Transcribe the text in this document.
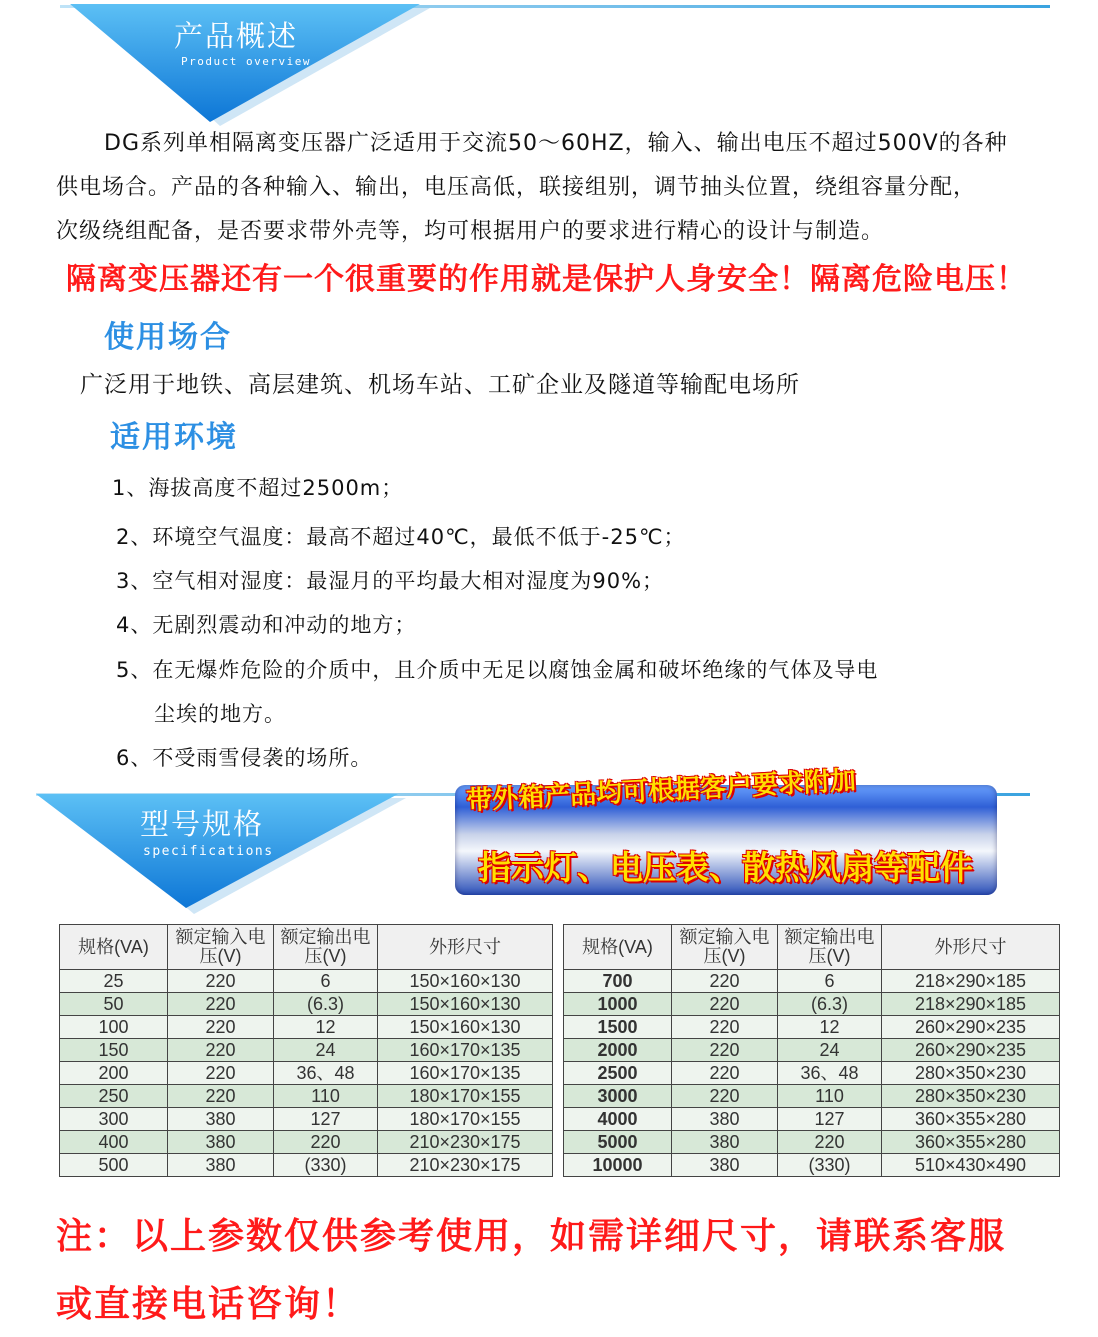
产品概述
Product overview
DG系列单相隔离变压器广泛适用于交流50～60HZ，输入、输出电压不超过500V的各种
供电场合。产品的各种输入、输出，电压高低，联接组别，调节抽头位置，绕组容量分配，
次级绕组配备，是否要求带外壳等，均可根据用户的要求进行精心的设计与制造。
隔离变压器还有一个很重要的作用就是保护人身安全！隔离危险电压！
使用场合
广泛用于地铁、高层建筑、机场车站、工矿企业及隧道等输配电场所
适用环境
1、海拔高度不超过2500m；
2、环境空气温度：最高不超过40℃，最低不低于-25℃；
3、空气相对湿度：最湿月的平均最大相对湿度为90%；
4、无剧烈震动和冲动的地方；
5、在无爆炸危险的介质中，且介质中无足以腐蚀金属和破坏绝缘的气体及导电
尘埃的地方。
6、不受雨雪侵袭的场所。
型号规格
specifications
带外箱产品均可根据客户要求附加
指示灯、电压表、散热风扇等配件
规格(VA)	额定输入电压(V)	额定输出电压(V)	外形尺寸
25	220	6	150×160×130
50	220	(6.3)	150×160×130
100	220	12	150×160×130
150	220	24	160×170×135
200	220	36、48	160×170×135
250	220	110	180×170×155
300	380	127	180×170×155
400	380	220	210×230×175
500	380	(330)	210×230×175
规格(VA)	额定输入电压(V)	额定输出电压(V)	外形尺寸
700	220	6	218×290×185
1000	220	(6.3)	218×290×185
1500	220	12	260×290×235
2000	220	24	260×290×235
2500	220	36、48	280×350×230
3000	220	110	280×350×230
4000	380	127	360×355×280
5000	380	220	360×355×280
10000	380	(330)	510×430×490
注：以上参数仅供参考使用，如需详细尺寸，请联系客服
或直接电话咨询！
